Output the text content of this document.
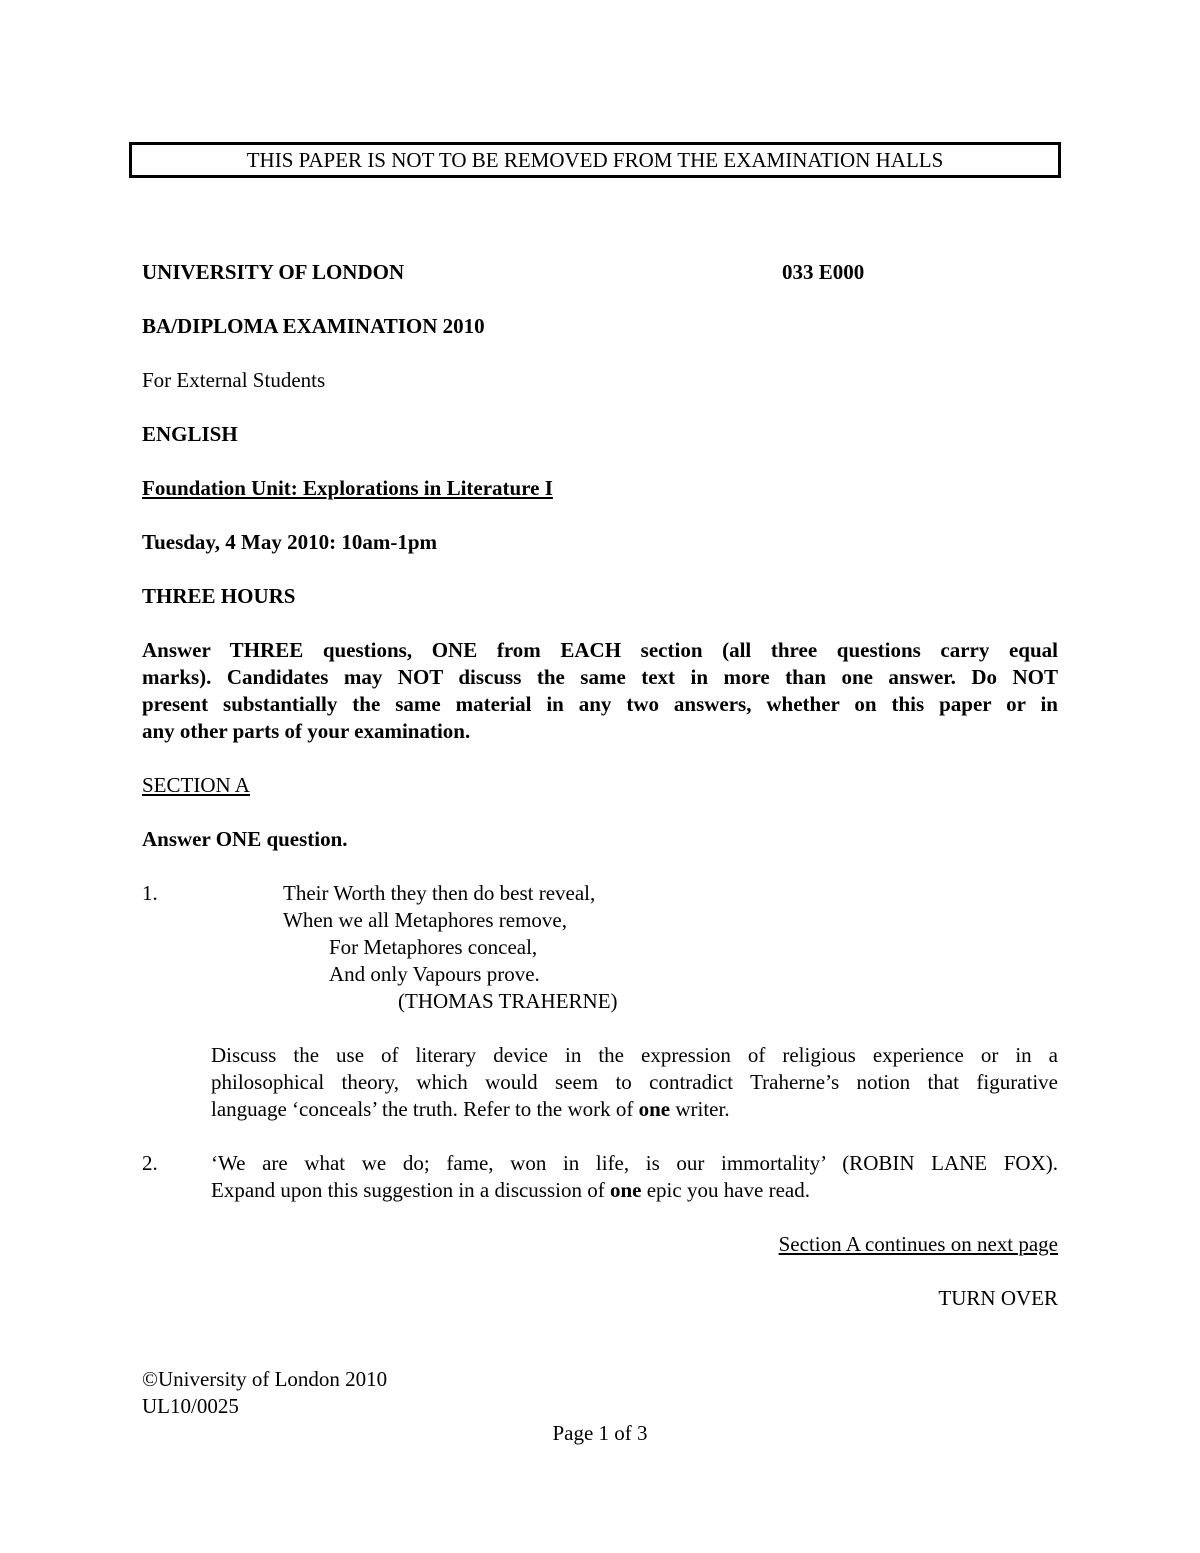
THIS PAPER IS NOT TO BE REMOVED FROM THE EXAMINATION HALLS
UNIVERSITY OF LONDON	033 E000
BA/DIPLOMA EXAMINATION 2010
For External Students
ENGLISH
Foundation Unit: Explorations in Literature I
Tuesday, 4 May 2010: 10am-1pm
THREE HOURS
Answer THREE questions, ONE from EACH section (all three questions carry equal
marks). Candidates may NOT discuss the same text in more than one answer. Do NOT
present substantially the same material in any two answers, whether on this paper or in
any other parts of your examination.
SECTION A
Answer ONE question.
1.	Their Worth they then do best reveal,
When we all Metaphores remove,
For Metaphores conceal,
And only Vapours prove.
(THOMAS TRAHERNE)
Discuss the use of literary device in the expression of religious experience or in a
philosophical theory, which would seem to contradict Traherne’s notion that figurative
language ‘conceals’ the truth. Refer to the work of one writer.
2.	‘We are what we do; fame, won in life, is our immortality’ (ROBIN LANE FOX).
Expand upon this suggestion in a discussion of one epic you have read.
Section A continues on next page
TURN OVER
©University of London 2010
UL10/0025
Page 1 of 3
